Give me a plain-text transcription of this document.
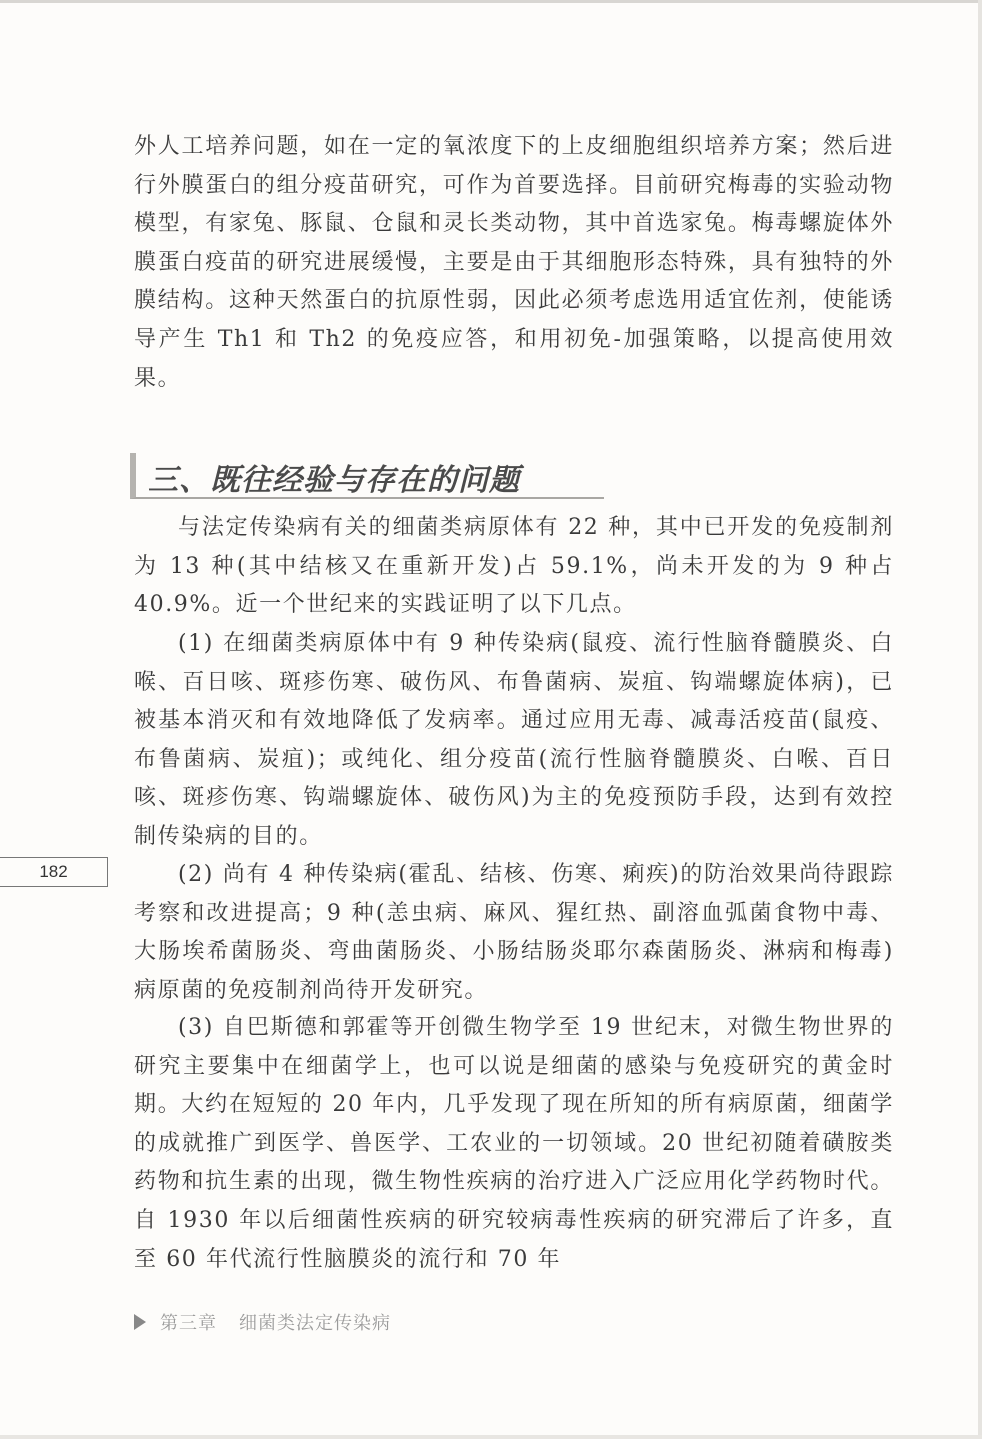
外人工培养问题，如在一定的氧浓度下的上皮细胞组织培养方案；然后进行外膜蛋白的组分疫苗研究，可作为首要选择。目前研究梅毒的实验动物模型，有家兔、豚鼠、仓鼠和灵长类动物，其中首选家兔。梅毒螺旋体外膜蛋白疫苗的研究进展缓慢，主要是由于其细胞形态特殊，具有独特的外膜结构。这种天然蛋白的抗原性弱，因此必须考虑选用适宜佐剂，使能诱导产生 Th1 和 Th2 的免疫应答，和用初免-加强策略，以提高使用效果。

三、既往经验与存在的问题

与法定传染病有关的细菌类病原体有 22 种，其中已开发的免疫制剂为 13 种(其中结核又在重新开发)占 59.1%，尚未开发的为 9 种占 40.9%。近一个世纪来的实践证明了以下几点。

(1) 在细菌类病原体中有 9 种传染病(鼠疫、流行性脑脊髓膜炎、白喉、百日咳、斑疹伤寒、破伤风、布鲁菌病、炭疽、钩端螺旋体病)，已被基本消灭和有效地降低了发病率。通过应用无毒、减毒活疫苗(鼠疫、布鲁菌病、炭疽)；或纯化、组分疫苗(流行性脑脊髓膜炎、白喉、百日咳、斑疹伤寒、钩端螺旋体、破伤风)为主的免疫预防手段，达到有效控制传染病的目的。

(2) 尚有 4 种传染病(霍乱、结核、伤寒、痢疾)的防治效果尚待跟踪考察和改进提高；9 种(恙虫病、麻风、猩红热、副溶血弧菌食物中毒、大肠埃希菌肠炎、弯曲菌肠炎、小肠结肠炎耶尔森菌肠炎、淋病和梅毒)病原菌的免疫制剂尚待开发研究。

(3) 自巴斯德和郭霍等开创微生物学至 19 世纪末，对微生物世界的研究主要集中在细菌学上，也可以说是细菌的感染与免疫研究的黄金时期。大约在短短的 20 年内，几乎发现了现在所知的所有病原菌，细菌学的成就推广到医学、兽医学、工农业的一切领域。20 世纪初随着磺胺类药物和抗生素的出现，微生物性疾病的治疗进入广泛应用化学药物时代。自 1930 年以后细菌性疾病的研究较病毒性疾病的研究滞后了许多，直至 60 年代流行性脑膜炎的流行和 70 年

182
第三章 细菌类法定传染病
